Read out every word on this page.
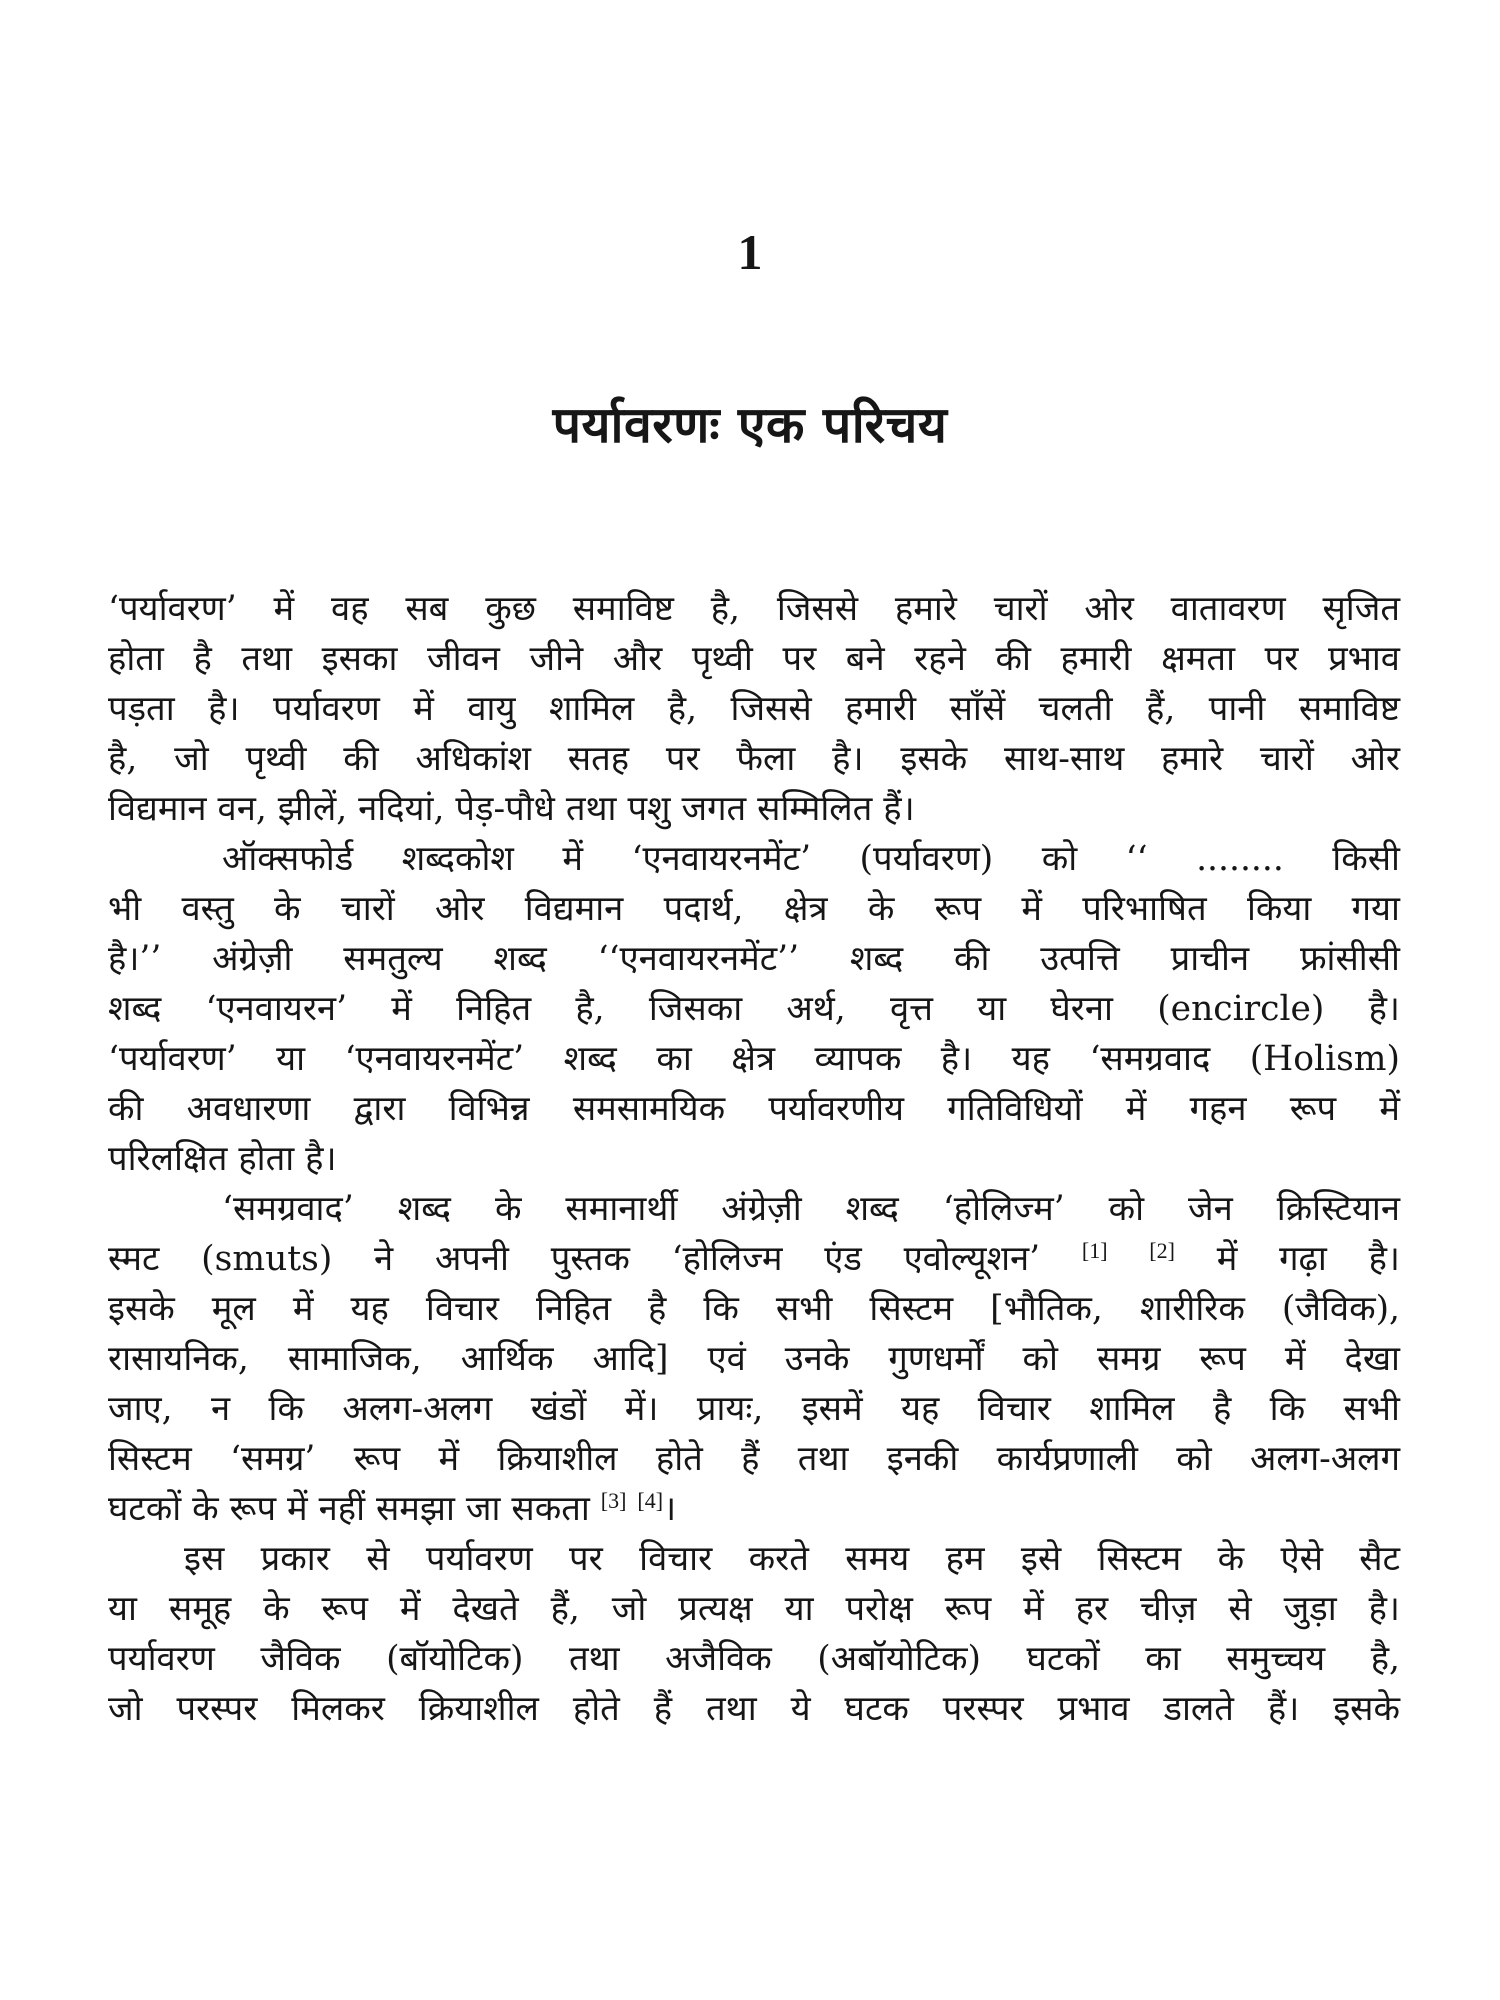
1
पर्यावरणः एक परिचय

‘पर्यावरण’ में वह सब कुछ समाविष्ट है, जिससे हमारे चारों ओर वातावरण सृजित
होता है तथा इसका जीवन जीने और पृथ्वी पर बने रहने की हमारी क्षमता पर प्रभाव
पड़ता है। पर्यावरण में वायु शामिल है, जिससे हमारी साँसें चलती हैं, पानी समाविष्ट
है, जो पृथ्वी की अधिकांश सतह पर फैला है। इसके साथ-साथ हमारे चारों ओर
विद्यमान वन, झीलें, नदियां, पेड़-पौधे तथा पशु जगत सम्मिलित हैं।

ऑक्सफोर्ड शब्दकोश में ‘एनवायरनमेंट’ (पर्यावरण) को ‘‘ ........ किसी
भी वस्तु के चारों ओर विद्यमान पदार्थ, क्षेत्र के रूप में परिभाषित किया गया
है।’’ अंग्रेज़ी समतुल्य शब्द ‘‘एनवायरनमेंट’’ शब्द की उत्पत्ति प्राचीन फ्रांसीसी
शब्द ‘एनवायरन’ में निहित है, जिसका अर्थ, वृत्त या घेरना (encircle) है।
‘पर्यावरण’ या ‘एनवायरनमेंट’ शब्द का क्षेत्र व्यापक है। यह ‘समग्रवाद (Holism)
की अवधारणा द्वारा विभिन्न समसामयिक पर्यावरणीय गतिविधियों में गहन रूप में
परिलक्षित होता है।

‘समग्रवाद’ शब्द के समानार्थी अंग्रेज़ी शब्द ‘होलिज्म’ को जेन क्रिस्टियान
स्मट (smuts) ने अपनी पुस्तक ‘होलिज्म एंड एवोल्यूशन’ [1] [2] में गढ़ा है।
इसके मूल में यह विचार निहित है कि सभी सिस्टम [भौतिक, शारीरिक (जैविक),
रासायनिक, सामाजिक, आर्थिक आदि] एवं उनके गुणधर्मों को समग्र रूप में देखा
जाए, न कि अलग-अलग खंडों में। प्रायः, इसमें यह विचार शामिल है कि सभी
सिस्टम ‘समग्र’ रूप में क्रियाशील होते हैं तथा इनकी कार्यप्रणाली को अलग-अलग
घटकों के रूप में नहीं समझा जा सकता [3] [4]।

इस प्रकार से पर्यावरण पर विचार करते समय हम इसे सिस्टम के ऐसे सैट
या समूह के रूप में देखते हैं, जो प्रत्यक्ष या परोक्ष रूप में हर चीज़ से जुड़ा है।
पर्यावरण जैविक (बॉयोटिक) तथा अजैविक (अबॉयोटिक) घटकों का समुच्चय है,
जो परस्पर मिलकर क्रियाशील होते हैं तथा ये घटक परस्पर प्रभाव डालते हैं। इसके
